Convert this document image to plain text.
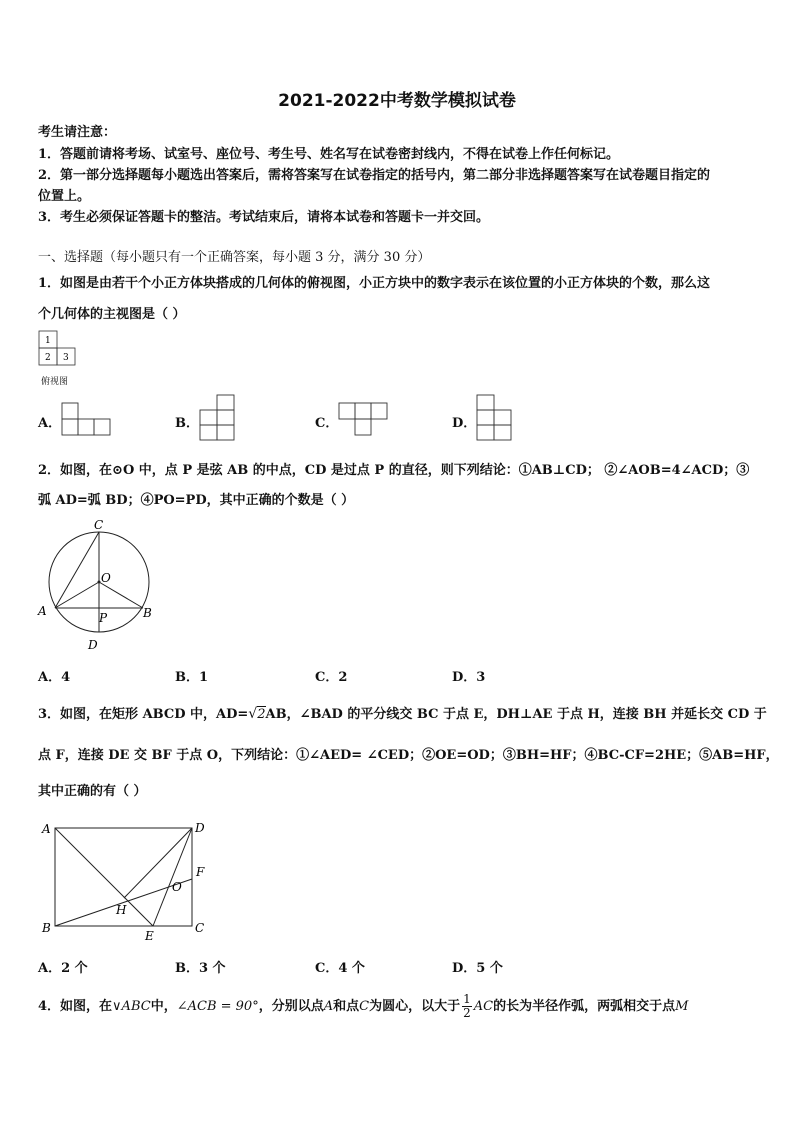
2021-2022中考数学模拟试卷
考生请注意：
1．答题前请将考场、试室号、座位号、考生号、姓名写在试卷密封线内，不得在试卷上作任何标记。
2．第一部分选择题每小题选出答案后，需将答案写在试卷指定的括号内，第二部分非选择题答案写在试卷题目指定的
位置上。
3．考生必须保证答题卡的整洁。考试结束后，请将本试卷和答题卡一并交回。
一、选择题（每小题只有一个正确答案，每小题 3 分，满分 30 分）
1．如图是由若干个小正方体块搭成的几何体的俯视图，小正方块中的数字表示在该位置的小正方体块的个数，那么这
个几何体的主视图是（ ）
1
2 3
俯视图
A．	B．	C．	D．
2．如图，在⊙O 中，点 P 是弦 AB 的中点，CD 是过点 P 的直径，则下列结论：①AB⊥CD； ②∠AOB=4∠ACD；③
弧 AD=弧 BD；④PO=PD，其中正确的个数是（ ）
C
O
A	P	B
D
A．4	B．1	C．2	D．3
3．如图，在矩形 ABCD 中，AD=√2AB，∠BAD 的平分线交 BC 于点 E，DH⊥AE 于点 H，连接 BH 并延长交 CD 于
点 F，连接 DE 交 BF 于点 O，下列结论：①∠AED= ∠CED；②OE=OD；③BH=HF；④BC-CF=2HE；⑤AB=HF，
其中正确的有（ ）
A	D
F
O
H
B
E
C
A．2 个	B．3 个	C．4 个	D．5 个
4．如图，在∨ABC中，∠ACB = 90°，分别以点A和点C为圆心，以大于 $\frac{1}{2}$ AC的长为半径作弧，两弧相交于点M
